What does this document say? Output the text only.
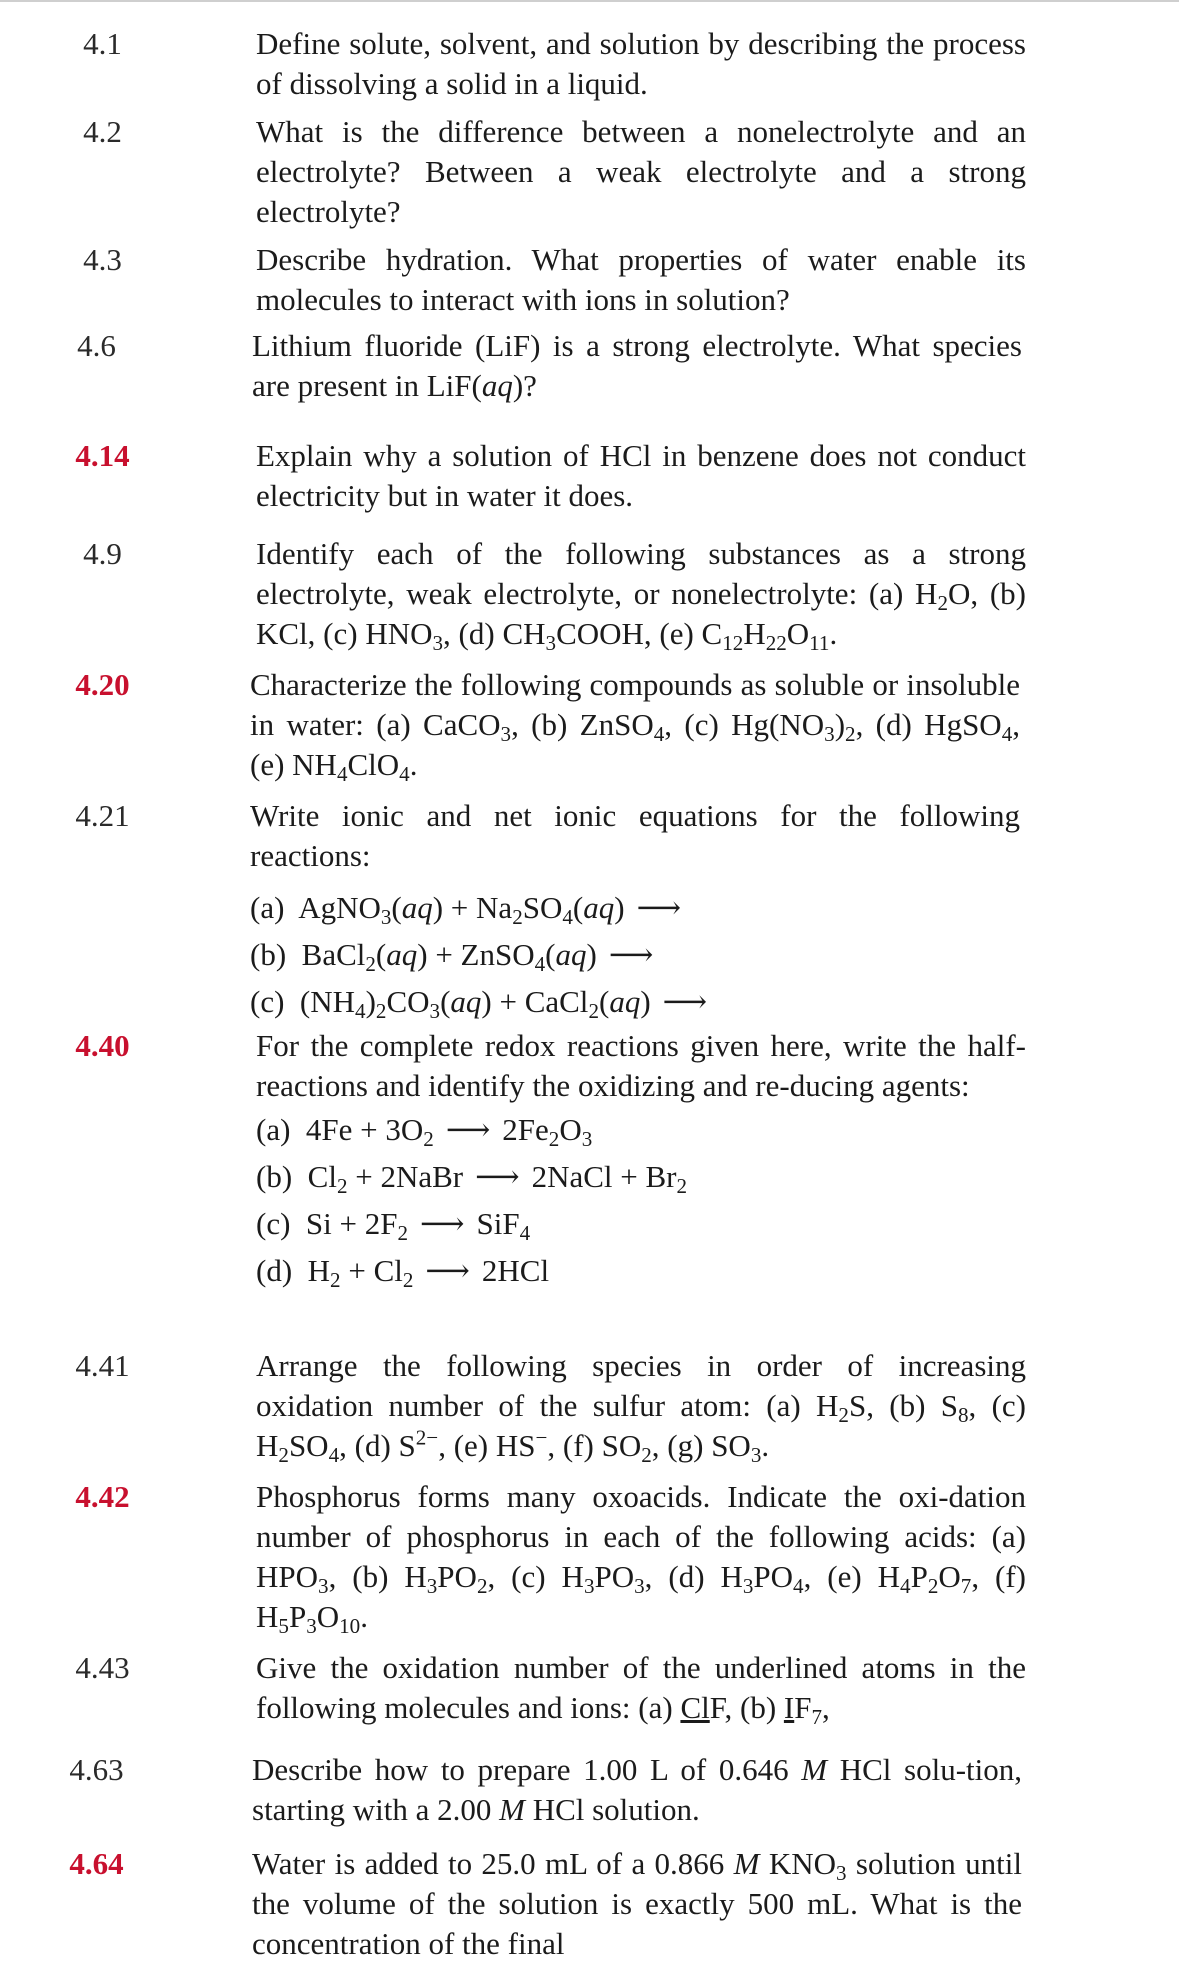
4.1	Define solute, solvent, and solution by describing the process of dissolving a solid in a liquid.
4.2	What is the difference between a nonelectrolyte and an electrolyte? Between a weak electrolyte and a strong electrolyte?
4.3	Describe hydration. What properties of water enable its molecules to interact with ions in solution?
4.6	Lithium fluoride (LiF) is a strong electrolyte. What species are present in LiF(aq)?
4.14	Explain why a solution of HCl in benzene does not conduct electricity but in water it does.
4.9	Identify each of the following substances as a strong electrolyte, weak electrolyte, or nonelectrolyte: (a) $H_2O$, (b) KCl, (c) $HNO_3$, (d) $CH_3COOH$, (e) $C_{12}H_{22}O_{11}$.
4.20	Characterize the following compounds as soluble or insoluble in water: (a) CaCO$_3$, (b) ZnSO$_4$, (c) $Hg(NO_3)_2$, (d) HgSO$_4$, (e) $NH_4ClO_4$.
4.21	Write ionic and net ionic equations for the following reactions:

(a)  AgNO$_3$(aq) + $Na_2SO_4(aq)$ ⟶
(b)  BaCl$_2$(aq) + ZnSO$_4$(aq) ⟶
(c)  $(NH_4)_2CO_3(aq)$ + CaCl$_2$(aq) ⟶
4.40	For the complete redox reactions given here, write the half-reactions and identify the oxidizing and re-ducing agents:

(a)  $4Fe + 3O_2$ ⟶ $2Fe_2O_3$
(b)  $Cl_2$ + 2NaBr ⟶ 2NaCl + $Br_2$
(c)  $Si + 2F_2$ ⟶ SiF$_4$
(d)  $H_2 + Cl_2$ ⟶ 2HCl
4.41	Arrange the following species in order of increasing oxidation number of the sulfur atom: (a) $H_2S$, (b) $S_8$, (c) $H_2SO_4$, (d) $S^{2-}$, (e) HS−, (f) $SO_2$, (g) $SO_3$.
4.42	Phosphorus forms many oxoacids. Indicate the oxi-dation number of phosphorus in each of the following acids: (a) $HPO_3$, (b) $H_3PO_2$, (c) $H_3PO_3$, (d) $H_3PO_4$, (e) $H_4P_2O_7$, (f) $H_5P_3O_{10}$.
4.43	Give the oxidation number of the underlined atoms in the following molecules and ions: (a) ClF, (b) $IF_7$,
4.63	Describe how to prepare 1.00 L of 0.646 M HCl solu-tion, starting with a 2.00 M HCl solution.
4.64	Water is added to 25.0 mL of a 0.866 M $KNO_3$ solution until the volume of the solution is exactly 500 mL. What is the concentration of the final
